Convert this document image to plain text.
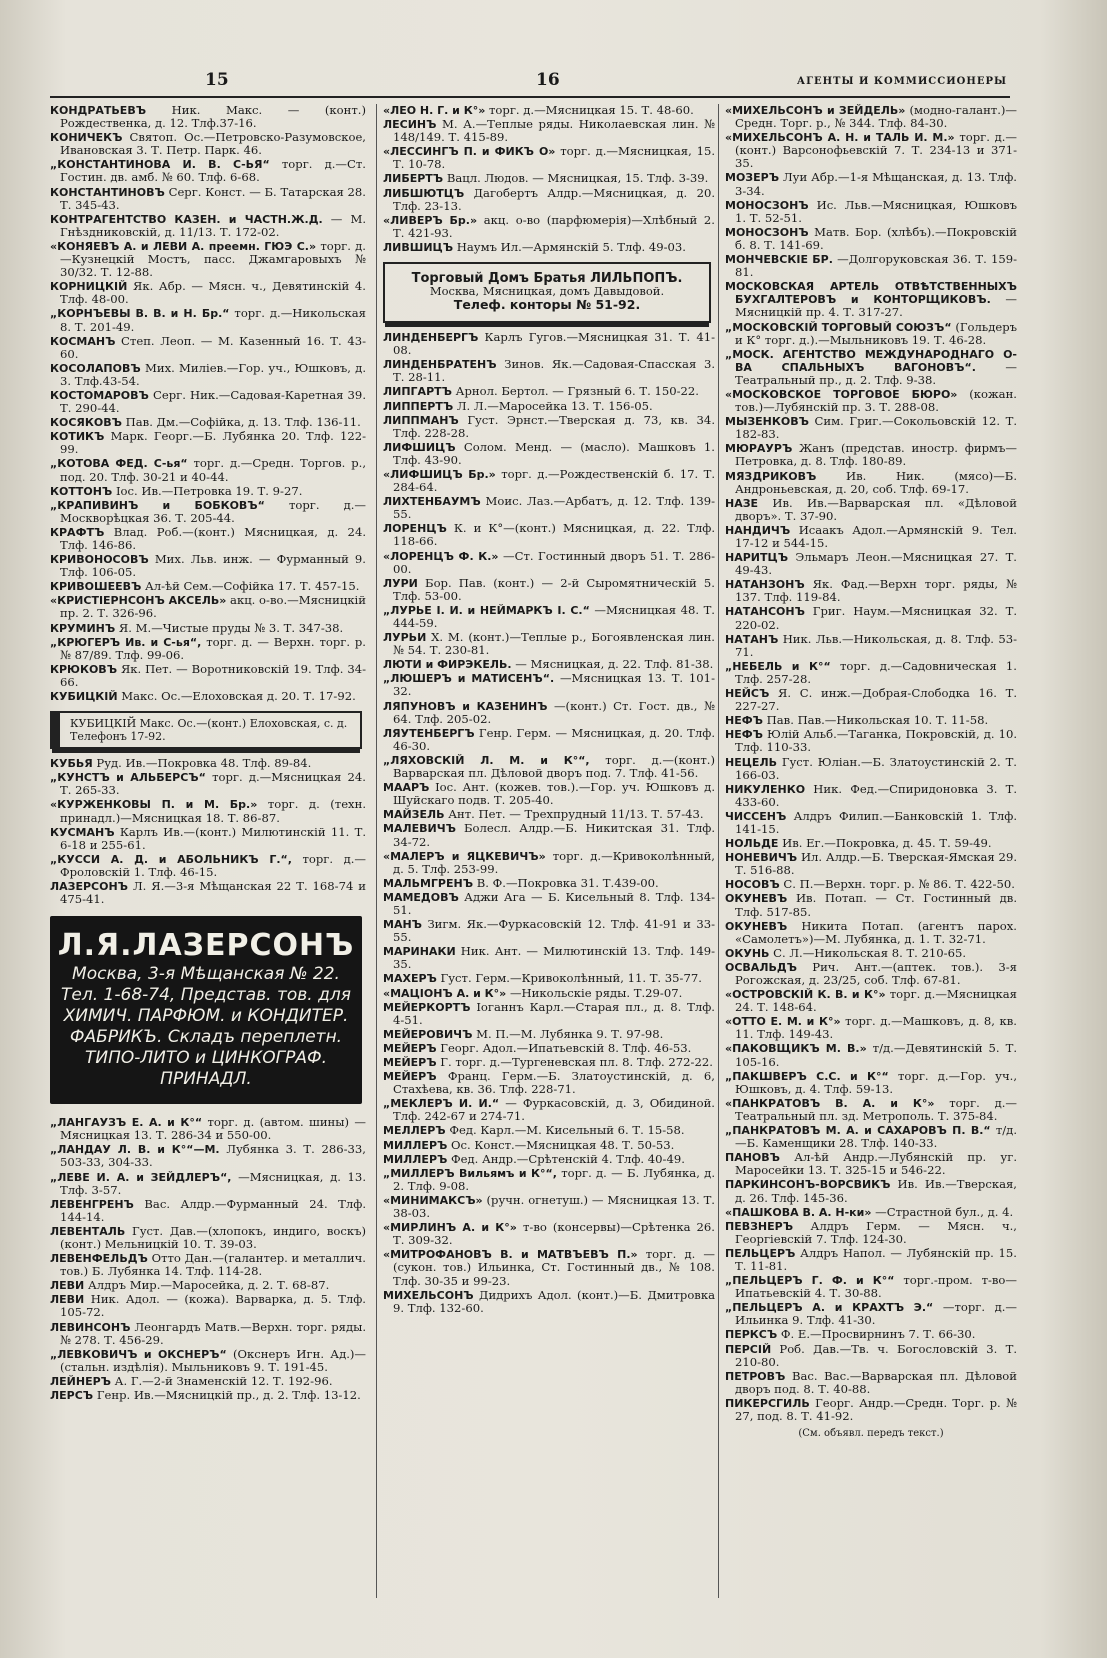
15	16	АГЕНТЫ И КОММИССИОНЕРЫ
КОНДРАТЬЕВЪ Ник. Макс. — (конт.) Рождественка, д. 12. Тлф.37-16.
КОНИЧЕКЪ Святоп. Ос.—Петровско-Разумовское, Ивановская 3. Т. Петр. Парк. 46.
„КОНСТАНТИНОВА И. В. С-ЬЯ“ торг. д.—Ст. Гостин. дв. амб. № 60. Тлф. 6-68.
КОНСТАНТИНОВЪ Серг. Конст. — Б. Татарская 28. Т. 345-43.
КОНТРАГЕНТСТВО КАЗЕН. и ЧАСТН.Ж.Д. — М. Гнѣздниковскій, д. 11/13. Т. 172-02.
«КОНЯЕВЪ А. и ЛЕВИ А. преемн. ГЮЭ С.» торг. д.—Кузнецкій Мостъ, пасс. Джамгаровыхъ № 30/32. Т. 12-88.
КОРНИЦКІЙ Як. Абр. — Мясн. ч., Девятинскій 4. Тлф. 48-00.
„КОРНЪЕВЫ В. В. и Н. Бр.“ торг. д.—Никольская 8. Т. 201-49.
КОСМАНЪ Степ. Леоп. — М. Казенный 16. Т. 43-60.
КОСОЛАПОВЪ Мих. Милiев.—Гор. уч., Юшковъ, д. 3. Тлф.43-54.
КОСТОМАРОВЪ Серг. Ник.—Садовая-Каретная 39. Т. 290-44.
КОСЯКОВЪ Пав. Дм.—Софійка, д. 13. Тлф. 136-11.
КОТИКЪ Марк. Георг.—Б. Лубянка 20. Тлф. 122-99.
„КОТОВА ФЕД. С-ья“ торг. д.—Средн. Торгов. р., под. 20. Тлф. 30-21 и 40-44.
КОТТОНЪ Іос. Ив.—Петровка 19. Т. 9-27.
„КРАПИВИНЪ и БОБКОВЪ“ торг. д.—Москворѣцкая 36. Т. 205-44.
КРАФТЪ Влад. Роб.—(конт.) Мясницкая, д. 24. Тлф. 146-86.
КРИВОНОСОВЪ Мих. Льв. инж. — Фурманный 9. Тлф. 106-05.
КРИВОШЕЕВЪ Ал-ѣй Сем.—Софійка 17. Т. 457-15.
«КРИСТІЕРНСОНЪ АКСЕЛЬ» акц. о-во.—Мясницкій пр. 2. Т. 326-96.
КРУМИНЪ Я. М.—Чистые пруды № 3. Т. 347-38.
„КРЮГЕРЪ Ив. и С-ья“, торг. д. — Верхн. торг. р. № 87/89. Тлф. 99-06.
КРЮКОВЪ Як. Пет. — Воротниковскій 19. Тлф. 34-66.
КУБИЦКІЙ Макс. Ос.—Елоховская д. 20. Т. 17-92.
КУБИЦКІЙ Макс. Ос.—(конт.) Елоховская, с. д. Телефонъ 17-92.
КУБЬЯ Руд. Ив.—Покровка 48. Тлф. 89-84.
„КУНСТЪ и АЛЬБЕРСЪ“ торг. д.—Мясницкая 24. Т. 265-33.
«КУРЖЕНКОВЫ П. и М. Бр.» торг. д. (техн. принадл.)—Мясницкая 18. Т. 86-87.
КУСМАНЪ Карлъ Ив.—(конт.) Милютинскій 11. Т. 6-18 и 255-61.
„КУССИ А. Д. и АБОЛЬНИКЪ Г.“, торг. д.—Фроловскій 1. Тлф. 46-15.
ЛАЗЕРСОНЪ Л. Я.—3-я Мѣщанская 22 Т. 168-74 и 475-41.
Л.Я.ЛАЗЕРСОНЪ
Москва, 3-я Мѣщанская № 22.
Тел. 1-68-74, Представ. тов. для
ХИМИЧ. ПАРФЮМ. и КОНДИТЕР.
ФАБРИКЪ. Складъ переплетн.
ТИПО-ЛИТО и ЦИНКОГРАФ. ПРИНАДЛ.
„ЛАНГАУЗЪ Е. А. и К°“ торг. д. (автом. шины) — Мясницкая 13. Т. 286-34 и 550-00.
„ЛАНДАУ Л. В. и К°“—М. Лубянка 3. Т. 286-33, 503-33, 304-33.
„ЛЕВЕ И. А. и ЗЕЙДЛЕРЪ“, —Мясницкая, д. 13. Тлф. 3-57.
ЛЕВЕНГРЕНЪ Вас. Алдр.—Фурманный 24. Тлф. 144-14.
ЛЕВЕНТАЛЬ Густ. Дав.—(хлопокъ, индиго, воскъ) (конт.) Мельницкій 10. Т. 39-03.
ЛЕВЕНФЕЛЬДЪ Отто Дан.—(галантер. и металлич. тов.) Б. Лубянка 14. Тлф. 114-28.
ЛЕВИ Алдръ Мир.—Маросейка, д. 2. Т. 68-87.
ЛЕВИ Ник. Адол. — (кожа). Варварка, д. 5. Тлф. 105-72.
ЛЕВИНСОНЪ Леонгардъ Матв.—Верхн. торг. ряды. № 278. Т. 456-29.
„ЛЕВКОВИЧЪ и ОКСНЕРЪ“ (Окснеръ Игн. Ад.)—(стальн. издѣлія). Мыльниковъ 9. Т. 191-45.
ЛЕЙНЕРЪ А. Г.—2-й Знаменскій 12. Т. 192-96.
ЛЕРСЪ Генр. Ив.—Мясницкій пр., д. 2. Тлф. 13-12.
«ЛЕО Н. Г. и К°» торг. д.—Мясницкая 15. Т. 48-60.
ЛЕСИНЪ М. А.—Теплые ряды. Николаевская лин. № 148/149. Т. 415-89.
«ЛЕССИНГЪ П. и ФИКЪ О» торг. д.—Мясницкая, 15. Т. 10-78.
ЛИБЕРТЪ Вацл. Людов. — Мясницкая, 15. Тлф. 3-39.
ЛИБШЮТЦЪ Дагобертъ Алдр.—Мясницкая, д. 20. Тлф. 23-13.
«ЛИВЕРЪ Бр.» акц. о-во (парфюмерія)—Хлѣбный 2. Т. 421-93.
ЛИВШИЦЪ Наумъ Ил.—Армянскій 5. Тлф. 49-03.
Торговый Домъ Братья ЛИЛЬПОПЪ.
Москва, Мясницкая, домъ Давыдовой.
Телеф. конторы № 51-92.
ЛИНДЕНБЕРГЪ Карлъ Гугов.—Мясницкая 31. Т. 41-08.
ЛИНДЕНБРАТЕНЪ Зинов. Як.—Садовая-Спасская 3. Т. 28-11.
ЛИПГАРТЪ Арнол. Бертол. — Грязный 6. Т. 150-22.
ЛИППЕРТЪ Л. Л.—Маросейка 13. Т. 156-05.
ЛИППМАНЪ Густ. Эрнст.—Тверская д. 73, кв. 34. Тлф. 228-28.
ЛИФШИЦЪ Солом. Менд. — (масло). Машковъ 1. Тлф. 43-90.
«ЛИФШИЦЪ Бр.» торг. д.—Рождественскій б. 17. Т. 284-64.
ЛИХТЕНБАУМЪ Моис. Лаз.—Арбатъ, д. 12. Тлф. 139-55.
ЛОРЕНЦЪ К. и К°—(конт.) Мясницкая, д. 22. Тлф. 118-66.
«ЛОРЕНЦЪ Ф. К.» —Ст. Гостинный дворъ 51. Т. 286-00.
ЛУРИ Бор. Пав. (конт.) — 2-й Сыромятническій 5. Тлф. 53-00.
„ЛУРЬЕ І. И. и НЕЙМАРКЪ І. С.“ —Мясницкая 48. Т. 444-59.
ЛУРЬИ Х. М. (конт.)—Теплые р., Богоявленская лин. № 54. Т. 230-81.
ЛЮТИ и ФИРЭКЕЛЬ. — Мясницкая, д. 22. Тлф. 81-38.
„ЛЮШЕРЪ и МАТИСЕНЪ“. —Мясницкая 13. Т. 101-32.
ЛЯПУНОВЪ и КАЗЕНИНЪ —(конт.) Ст. Гост. дв., № 64. Тлф. 205-02.
ЛЯУТЕНБЕРГЪ Генр. Герм. — Мясницкая, д. 20. Тлф. 46-30.
„ЛЯХОВСКІЙ Л. М. и К°“, торг. д.—(конт.) Варварская пл. Дѣловой дворъ под. 7. Тлф. 41-56.
МААРЪ Іос. Ант. (кожев. тов.).—Гор. уч. Юшковъ д. Шуйскаго подв. Т. 205-40.
МАЙЗЕЛЬ Ант. Пет. — Трехпрудный 11/13. Т. 57-43.
МАЛЕВИЧЪ Болесл. Алдр.—Б. Никитская 31. Тлф. 34-72.
«МАЛЕРЪ и ЯЦКЕВИЧЪ» торг. д.—Кривоколѣнный, д. 5. Тлф. 253-99.
МАЛЬМГРЕНЪ В. Ф.—Покровка 31. Т.439-00.
МАМЕДОВЪ Аджи Ага — Б. Кисельный 8. Тлф. 134-51.
МАНЪ Зигм. Як.—Фуркасовскій 12. Тлф. 41-91 и 33-55.
МАРИНАКИ Ник. Ант. — Милютинскій 13. Тлф. 149-35.
МАХЕРЪ Густ. Герм.—Кривоколѣнный, 11. Т. 35-77.
«МАЦІОНЪ А. и К°» —Никольскіе ряды. Т.29-07.
МЕЙЕРКОРТЪ Іоганнъ Карл.—Старая пл., д. 8. Тлф. 4-51.
МЕЙЕРОВИЧЪ М. П.—М. Лубянка 9. Т. 97-98.
МЕЙЕРЪ Георг. Адол.—Ипатьевскій 8. Тлф. 46-53.
МЕЙЕРЪ Г. торг. д.—Тургеневская пл. 8. Тлф. 272-22.
МЕЙЕРЪ Франц. Герм.—Б. Златоустинскій, д. 6, Стахѣева, кв. 36. Тлф. 228-71.
„МЕКЛЕРЪ И. И.“ — Фуркасовскій, д. 3, Обидиной. Тлф. 242-67 и 274-71.
МЕЛЛЕРЪ Фед. Карл.—М. Кисельный 6. Т. 15-58.
МИЛЛЕРЪ Ос. Конст.—Мясницкая 48. Т. 50-53.
МИЛЛЕРЪ Фед. Андр.—Срѣтенскій 4. Тлф. 40-49.
„МИЛЛЕРЪ Вильямъ и К°“, торг. д. — Б. Лубянка, д. 2. Тлф. 9-08.
«МИНИМАКСЪ» (ручн. огнетуш.) — Мясницкая 13. Т. 38-03.
«МИРЛИНЪ А. и К°» т-во (консервы)—Срѣтенка 26. Т. 309-32.
«МИТРОФАНОВЪ В. и МАТВЪЕВЪ П.» торг. д. —(сукон. тов.) Ильинка, Ст. Гостинный дв., № 108. Тлф. 30-35 и 99-23.
МИХЕЛЬСОНЪ Дидрихъ Адол. (конт.)—Б. Дмитровка 9. Тлф. 132-60.
«МИХЕЛЬСОНЪ и ЗЕЙДЕЛЬ» (модно-галант.)—Средн. Торг. р., № 344. Тлф. 84-30.
«МИХЕЛЬСОНЪ А. Н. и ТАЛЬ И. М.» торг. д.—(конт.) Варсонофьевскій 7. Т. 234-13 и 371-35.
МОЗЕРЪ Луи Абр.—1-я Мѣщанская, д. 13. Тлф. 3-34.
МОНОСЗОНЪ Ис. Льв.—Мясницкая, Юшковъ 1. Т. 52-51.
МОНОСЗОНЪ Матв. Бор. (хлѣбъ).—Покровскій б. 8. Т. 141-69.
МОНЧЕВСКІЕ БР. —Долгоруковская 36. Т. 159-81.
МОСКОВСКАЯ АРТЕЛЬ ОТВѢТСТВЕННЫХЪ БУХГАЛТЕРОВЪ и КОНТОРЩИКОВЪ. —Мясницкій пр. 4. Т. 317-27.
„МОСКОВСКІЙ ТОРГОВЫЙ СОЮЗЪ“ (Гольдеръ и К° торг. д.).—Мыльниковъ 19. Т. 46-28.
„МОСК. АГЕНТСТВО МЕЖДУНАРОДНАГО О-ВА СПАЛЬНЫХЪ ВАГОНОВЪ“.	— Театральный пр., д. 2. Тлф. 9-38.
«МОСКОВСКОЕ ТОРГОВОЕ БЮРО» (кожан. тов.)—Лубянскій пр. 3. Т. 288-08.
МЫЗЕНКОВЪ Сим. Григ.—Сокольовскій 12. Т. 182-83.
МЮРАУРЪ Жанъ (представ. иностр. фирмъ—Петровка, д. 8. Тлф. 180-89.
МЯЗДРИКОВЪ	Ив. Ник. (мясо)—Б. Андроньевская, д. 20, соб. Тлф. 69-17.
НАЗЕ Ив. Ив.—Варварская пл. «Дѣловой дворъ». Т. 37-90.
НАНДИЧЪ Исаакъ Адол.—Армянскій 9. Тел. 17-12 и 544-15.
НАРИТЦЪ Эльмаръ Леон.—Мясницкая 27. Т. 49-43.
НАТАНЗОНЪ Як. Фад.—Верхн торг. ряды, № 137. Тлф. 119-84.
НАТАНСОНЪ Григ. Наум.—Мясницкая 32. Т. 220-02.
НАТАНЪ Ник. Льв.—Никольская, д. 8. Тлф. 53-71.
„НЕБЕЛЬ и К°“ торг. д.—Садовническая 1. Тлф. 257-28.
НЕЙСЪ Я. С. инж.—Добрая-Слободка 16. Т. 227-27.
НЕФЪ Пав. Пав.—Никольская 10. Т. 11-58.
НЕФЪ Юлій Альб.—Таганка, Покровскій, д. 10. Тлф. 110-33.
НЕЦЕЛЬ Густ. Юліан.—Б. Златоустинскій 2. Т. 166-03.
НИКУЛЕНКО Ник. Фед.—Спиридоновка 3. Т. 433-60.
ЧИССЕНЪ Алдръ Филип.—Банковскій 1. Тлф. 141-15.
НОЛЬДЕ Ив. Ег.—Покровка, д. 45. Т. 59-49.
НОНЕВИЧЪ Ил. Алдр.—Б. Тверская-Ямская 29. Т. 516-88.
НОСОВЪ С. П.—Верхн. торг. р. № 86. Т. 422-50.
ОКУНЕВЪ Ив. Потап. — Ст. Гостинный дв. Тлф. 517-85.
ОКУНЕВЪ Никита Потап. (агентъ парох. «Самолетъ»)—М. Лубянка, д. 1. Т. 32-71.
ОКУНЬ С. Л.—Никольская 8. Т. 210-65.
ОСВАЛЬДЪ Рич. Ант.—(аптек. тов.). 3-я Рогожская, д. 23/25, соб. Тлф. 67-81.
«ОСТРОВСКІЙ К. В. и К°» торг. д.—Мясницкая 24. Т. 148-64.
«ОТТО Е. М. и К°» торг. д.—Машковъ, д. 8, кв. 11. Тлф. 149-43.
«ПАКОВЩИКЪ М. В.» т/д.—Девятинскій 5. Т. 105-16.
„ПАКШВЕРЪ С.С. и К°“ торг. д.—Гор. уч., Юшковъ, д. 4. Тлф. 59-13.
«ПАНКРАТОВЪ В. А. и К°» торг. д.—Театральный пл. зд. Метрополь. Т. 375-84.
„ПАНКРАТОВЪ М. А. и САХАРОВЪ П. В.“ т/д.—Б. Каменщики 28. Тлф. 140-33.
ПАНОВЪ Ал-ѣй Андр.—Лубянскій пр. уг. Маросейки 13. Т. 325-15 и 546-22.
ПАРКИНСОНЪ-ВОРСВИКЪ Ив. Ив.—Тверская, д. 26. Тлф. 145-36.
«ПАШКОВА В. А. Н-ки» —Страстной бул., д. 4.
ПЕВЗНЕРЪ Алдръ Герм. — Мясн. ч., Георгіевскій 7. Тлф. 124-30.
ПЕЛЬЦЕРЪ Алдръ Напол. — Лубянскій пр. 15. Т. 11-81.
„ПЕЛЬЦЕРЪ Г. Ф. и К°“ торг.-пром. т-во—Ипатьевскій 4. Т. 30-88.
„ПЕЛЬЦЕРЪ А. и КРАХТЪ Э.“ —торг. д.—Ильинка 9. Тлф. 41-30.
ПЕРКСЪ Ф. Е.—Просвирнинъ 7. Т. 66-30.
ПЕРСІЙ Роб. Дав.—Тв. ч. Богословскій 3. Т. 210-80.
ПЕТРОВЪ Вас. Вас.—Варварская пл. Дѣловой дворъ под. 8. Т. 40-88.
ПИКЕРСГИЛЬ Георг. Андр.—Средн. Торг. р. № 27, под. 8. Т. 41-92.
(См. объявл. передъ текст.)
